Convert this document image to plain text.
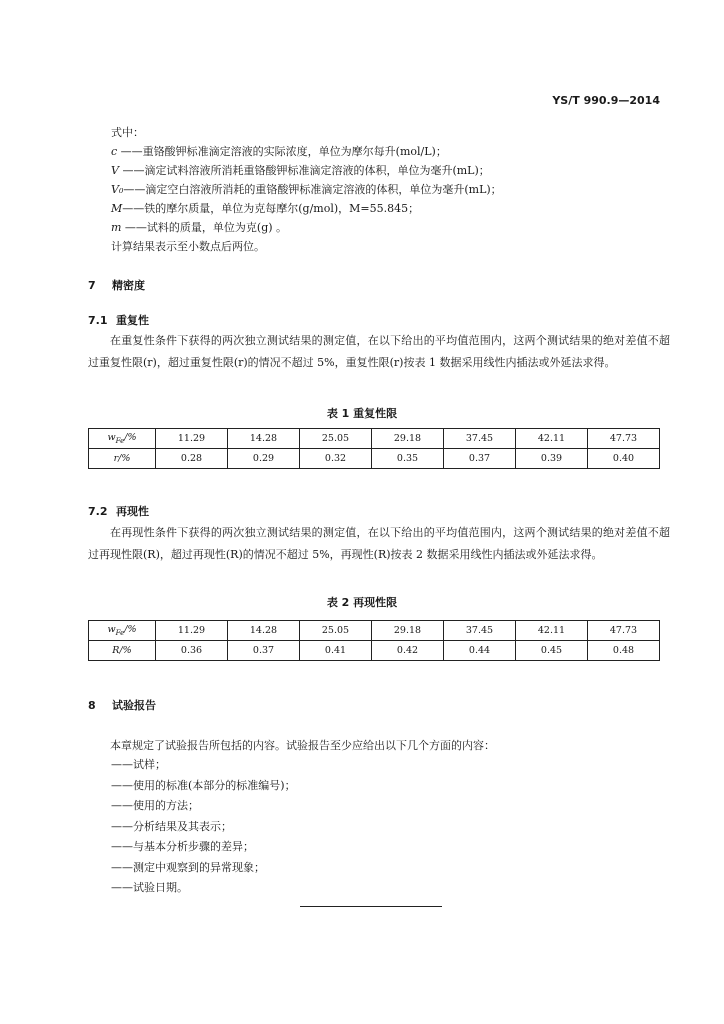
YS/T 990.9—2014
式中：
c ——重铬酸钾标准滴定溶液的实际浓度，单位为摩尔每升(mol/L)；
V ——滴定试料溶液所消耗重铬酸钾标准滴定溶液的体积，单位为毫升(mL)；
V₀——滴定空白溶液所消耗的重铬酸钾标准滴定溶液的体积，单位为毫升(mL)；
M——铁的摩尔质量，单位为克每摩尔(g/mol)，M=55.845；
m ——试料的质量，单位为克(g) 。
计算结果表示至小数点后两位。
7 精密度
7.1 重复性
在重复性条件下获得的两次独立测试结果的测定值，在以下给出的平均值范围内，这两个测试结果的绝对差值不超过重复性限(r)，超过重复性限(r)的情况不超过 5%，重复性限(r)按表 1 数据采用线性内插法或外延法求得。
表 1 重复性限
$w_{Fe}/\%$	11.29	14.28	25.05	29.18	37.45	42.11	47.73
r/%	0.28	0.29	0.32	0.35	0.37	0.39	0.40
7.2 再现性
在再现性条件下获得的两次独立测试结果的测定值，在以下给出的平均值范围内，这两个测试结果的绝对差值不超过再现性限(R)，超过再现性(R)的情况不超过 5%，再现性(R)按表 2 数据采用线性内插法或外延法求得。
表 2 再现性限
$w_{Fe}/\%$	11.29	14.28	25.05	29.18	37.45	42.11	47.73
R/%	0.36	0.37	0.41	0.42	0.44	0.45	0.48
8 试验报告
本章规定了试验报告所包括的内容。试验报告至少应给出以下几个方面的内容：
——试样；
——使用的标准(本部分的标准编号)；
——使用的方法；
——分析结果及其表示；
——与基本分析步骤的差异；
——测定中观察到的异常现象；
——试验日期。
